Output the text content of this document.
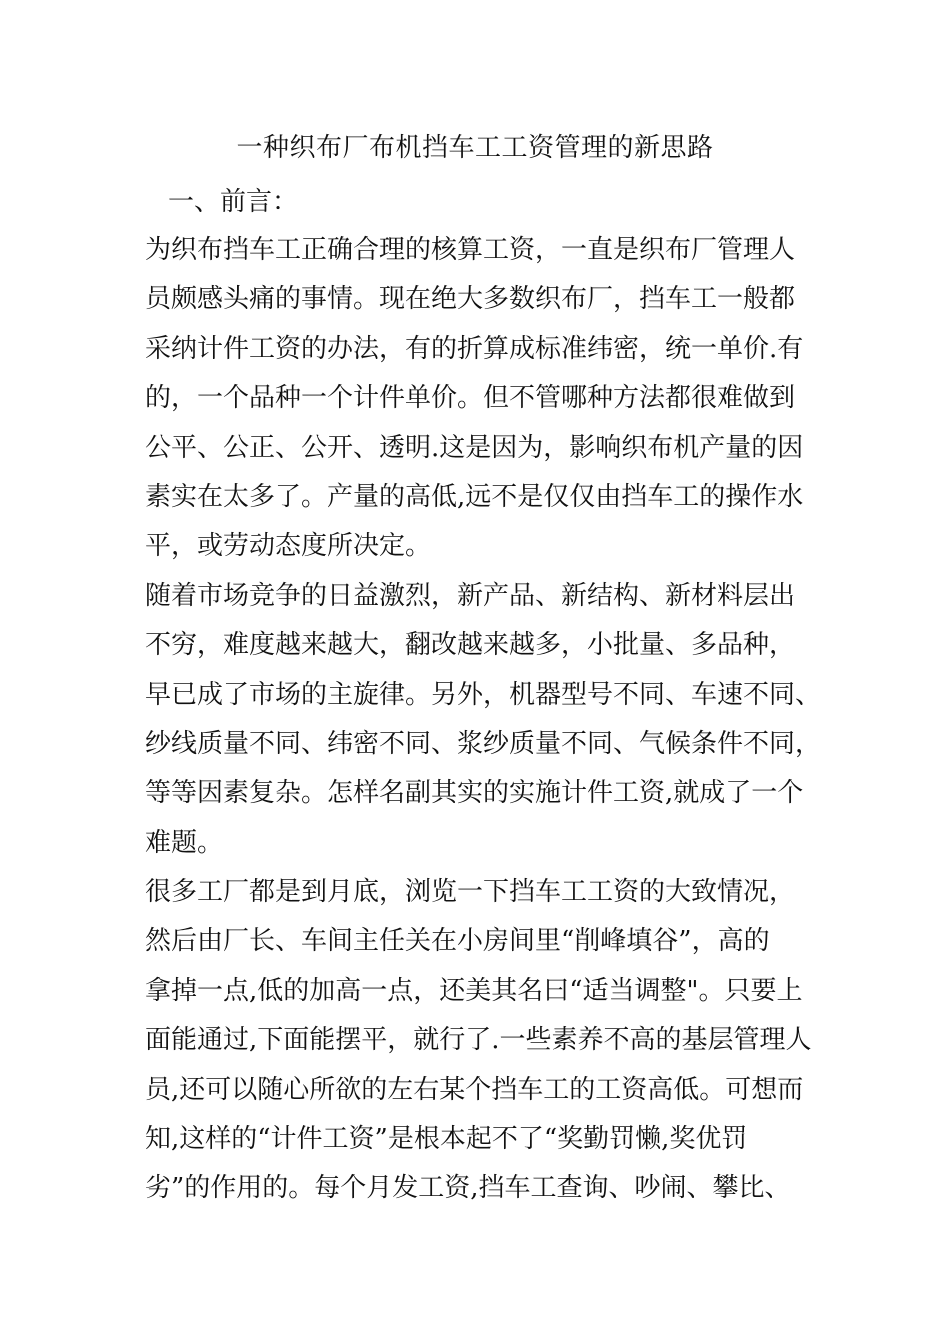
一种织布厂布机挡车工工资管理的新思路
一、前言：
为织布挡车工正确合理的核算工资，一直是织布厂管理人
员颇感头痛的事情。现在绝大多数织布厂，挡车工一般都
采纳计件工资的办法，有的折算成标准纬密，统一单价.有
的，一个品种一个计件单价。但不管哪种方法都很难做到
公平、公正、公开、透明.这是因为，影响织布机产量的因
素实在太多了。产量的高低,远不是仅仅由挡车工的操作水
平，或劳动态度所决定。
随着市场竞争的日益激烈，新产品、新结构、新材料层出
不穷，难度越来越大，翻改越来越多，小批量、多品种，
早已成了市场的主旋律。另外，机器型号不同、车速不同、
纱线质量不同、纬密不同、浆纱质量不同、气候条件不同，
等等因素复杂。怎样名副其实的实施计件工资,就成了一个
难题。
很多工厂都是到月底，浏览一下挡车工工资的大致情况，
然后由厂长、车间主任关在小房间里“削峰填谷”，高的
拿掉一点,低的加高一点，还美其名曰“适当调整"。只要上
面能通过,下面能摆平，就行了.一些素养不高的基层管理人
员,还可以随心所欲的左右某个挡车工的工资高低。可想而
知,这样的“计件工资”是根本起不了“奖勤罚懒,奖优罚
劣”的作用的。每个月发工资,挡车工查询、吵闹、攀比、
